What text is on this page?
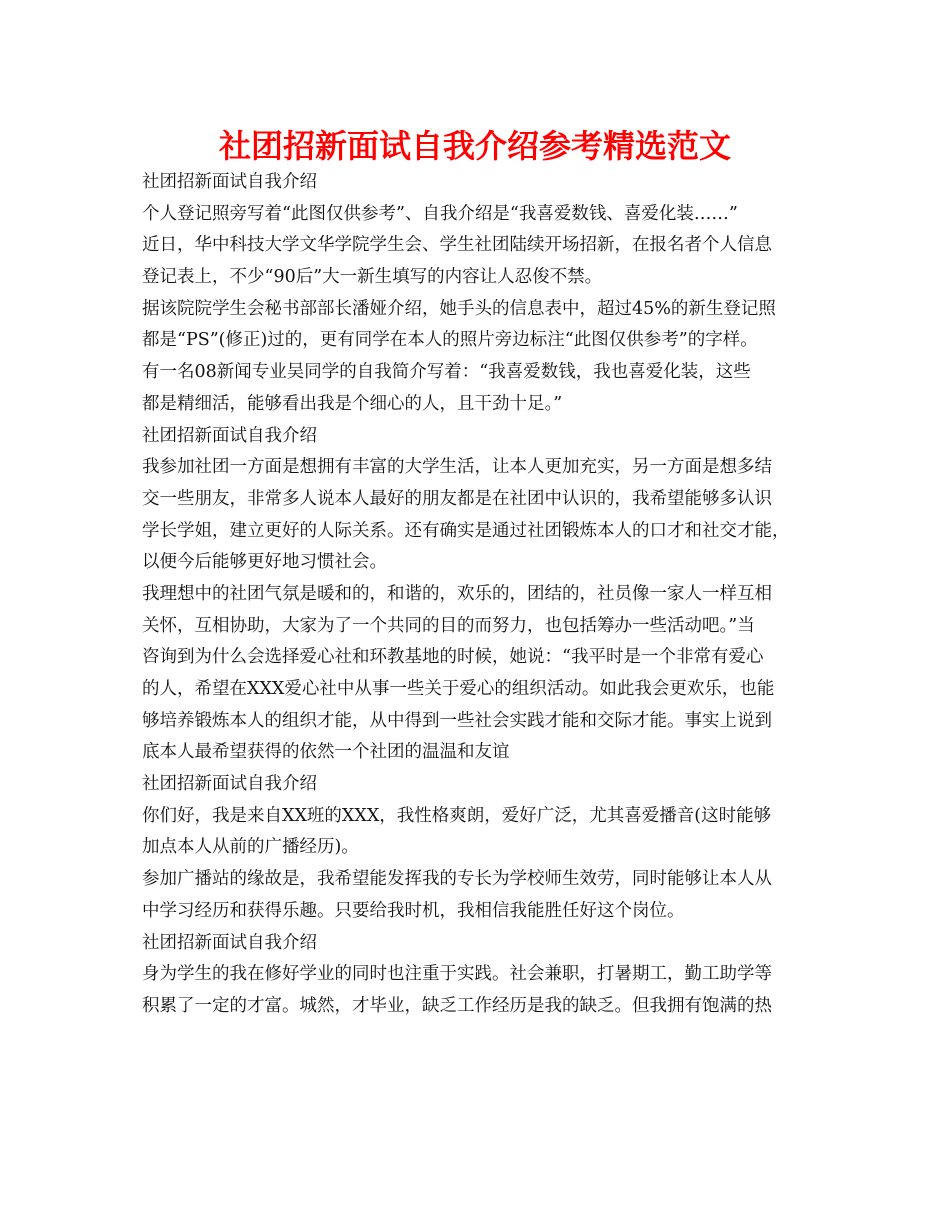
社团招新面试自我介绍参考精选范文
社团招新面试自我介绍
个人登记照旁写着“此图仅供参考”、自我介绍是“我喜爱数钱、喜爱化装……”
近日，华中科技大学文华学院学生会、学生社团陆续开场招新，在报名者个人信息
登记表上，不少“90后”大一新生填写的内容让人忍俊不禁。
据该院院学生会秘书部部长潘娅介绍，她手头的信息表中，超过45%的新生登记照
都是“PS”(修正)过的，更有同学在本人的照片旁边标注“此图仅供参考”的字样。
有一名08新闻专业吴同学的自我简介写着：“我喜爱数钱，我也喜爱化装，这些
都是精细活，能够看出我是个细心的人，且干劲十足。”
社团招新面试自我介绍
我参加社团一方面是想拥有丰富的大学生活，让本人更加充实，另一方面是想多结
交一些朋友，非常多人说本人最好的朋友都是在社团中认识的，我希望能够多认识
学长学姐，建立更好的人际关系。还有确实是通过社团锻炼本人的口才和社交才能，
以便今后能够更好地习惯社会。
我理想中的社团气氛是暖和的，和谐的，欢乐的，团结的，社员像一家人一样互相
关怀，互相协助，大家为了一个共同的目的而努力，也包括筹办一些活动吧。”当
咨询到为什么会选择爱心社和环教基地的时候，她说：“我平时是一个非常有爱心
的人，希望在XXX爱心社中从事一些关于爱心的组织活动。如此我会更欢乐，也能
够培养锻炼本人的组织才能，从中得到一些社会实践才能和交际才能。事实上说到
底本人最希望获得的依然一个社团的温温和友谊
社团招新面试自我介绍
你们好，我是来自XX班的XXX，我性格爽朗，爱好广泛，尤其喜爱播音(这时能够
加点本人从前的广播经历)。
参加广播站的缘故是，我希望能发挥我的专长为学校师生效劳，同时能够让本人从
中学习经历和获得乐趣。只要给我时机，我相信我能胜任好这个岗位。
社团招新面试自我介绍
身为学生的我在修好学业的同时也注重于实践。社会兼职，打暑期工，勤工助学等
积累了一定的才富。城然，才毕业，缺乏工作经历是我的缺乏。但我拥有饱满的热
